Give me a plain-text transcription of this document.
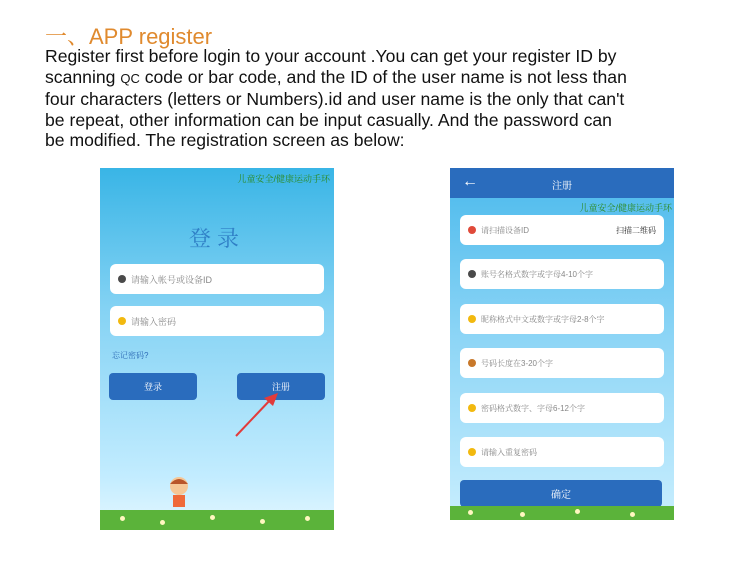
一、APP register
Register first before login to your account .You can get your register ID by
scanning QC code or bar code, and the ID of the user name is not less than
four characters (letters or Numbers).id and user name is the only that can't
be repeat, other information can be input casually. And the password can
be modified. The registration screen as below:
儿童安全/健康运动手环
登录
请输入帐号或设备ID
请输入密码
忘记密码?
登录	注册
←	注册
儿童安全/健康运动手环
请扫描设备ID	扫描二维码
账号名格式数字或字母4-10个字
昵称格式中文或数字或字母2-8个字
号码长度在3-20个字
密码格式数字、字母6-12个字
请输入重复密码
确定
